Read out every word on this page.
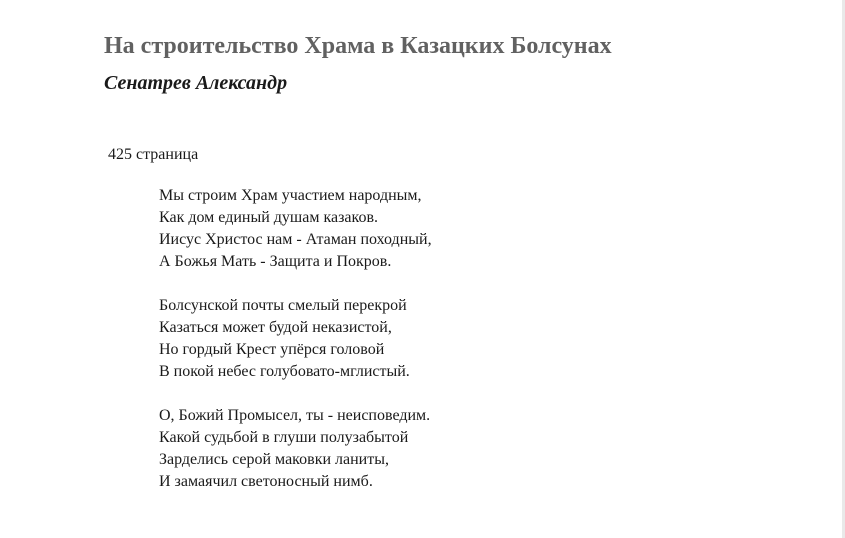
На строительство Храма в Казацких Болсунах
Сенатрев Александр
425 страница
Мы строим Храм участием народным,
Как дом единый душам казаков.
Иисус Христос нам - Атаман походный,
А Божья Мать - Защита и Покров.
Болсунской почты смелый перекрой
Казаться может будой неказистой,
Но гордый Крест упёрся головой
В покой небес голубовато-мглистый.
О, Божий Промысел, ты - неисповедим.
Какой судьбой в глуши полузабытой
Зарделись серой маковки ланиты,
И замаячил светоносный нимб.
